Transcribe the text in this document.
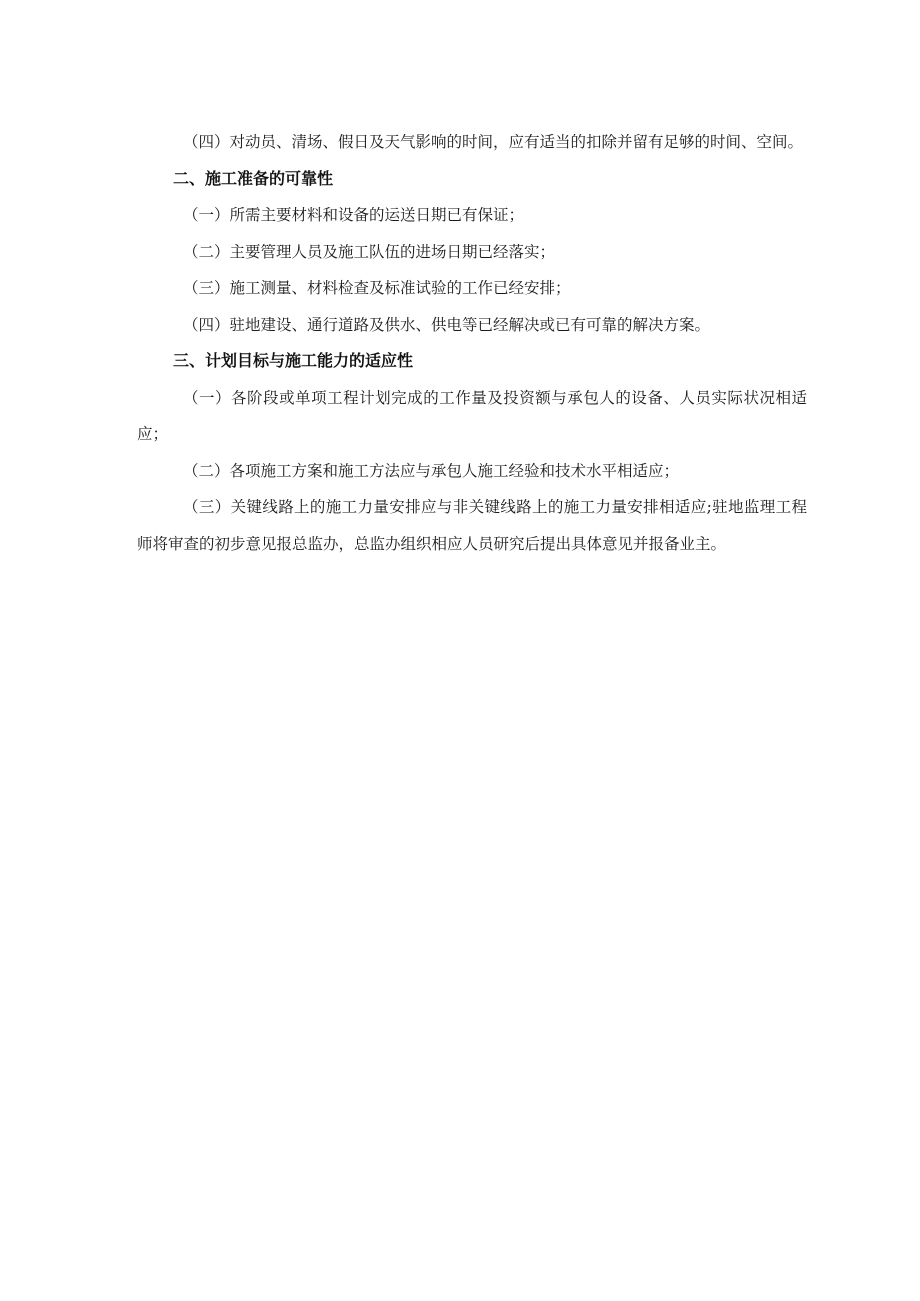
（四）对动员、清场、假日及天气影响的时间，应有适当的扣除并留有足够的时间、空间。

二、施工准备的可靠性

（一）所需主要材料和设备的运送日期已有保证；

（二）主要管理人员及施工队伍的进场日期已经落实；

（三）施工测量、材料检查及标准试验的工作已经安排；

（四）驻地建设、通行道路及供水、供电等已经解决或已有可靠的解决方案。

三、计划目标与施工能力的适应性

（一）各阶段或单项工程计划完成的工作量及投资额与承包人的设备、人员实际状况相适应；

（二）各项施工方案和施工方法应与承包人施工经验和技术水平相适应；

（三）关键线路上的施工力量安排应与非关键线路上的施工力量安排相适应;驻地监理工程师将审查的初步意见报总监办，总监办组织相应人员研究后提出具体意见并报备业主。
